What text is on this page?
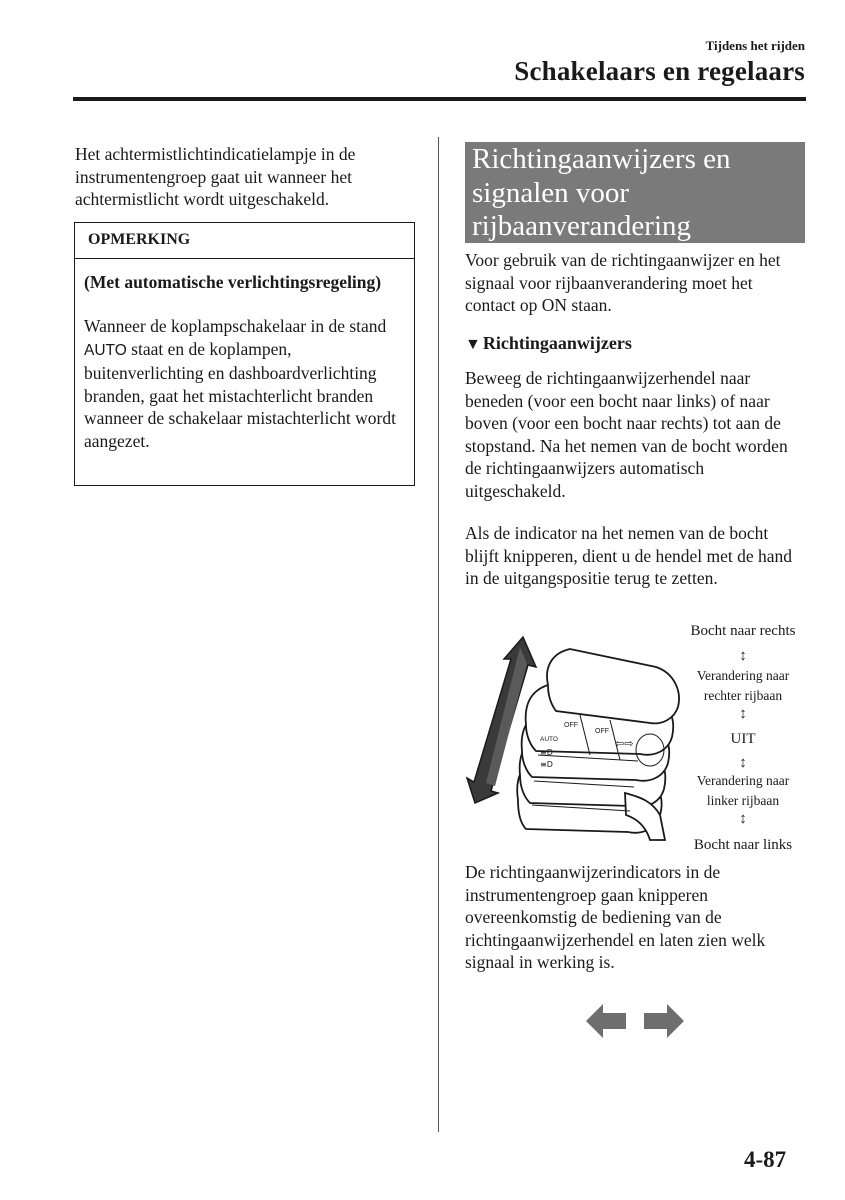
Tijdens het rijden
Schakelaars en regelaars
Het achtermistlichtindicatielampje in de instrumentengroep gaat uit wanneer het achtermistlicht wordt uitgeschakeld.
OPMERKING
(Met automatische verlichtingsregeling)
Wanneer de koplampschakelaar in de stand AUTO staat en de koplampen, buitenverlichting en dashboardverlichting branden, gaat het mistachterlicht branden wanneer de schakelaar mistachterlicht wordt aangezet.
Richtingaanwijzers en signalen voor rijbaanverandering
Voor gebruik van de richtingaanwijzer en het signaal voor rijbaanverandering moet het contact op ON staan.
▼ Richtingaanwijzers
Beweeg de richtingaanwijzerhendel naar beneden (voor een bocht naar links) of naar boven (voor een bocht naar rechts) tot aan de stopstand. Na het nemen van de bocht worden de richtingaanwijzers automatisch uitgeschakeld.
Als de indicator na het nemen van de bocht blijft knipperen, dient u de hendel met de hand in de uitgangspositie terug te zetten.
OFF
OFF
AUTO
≡D
≡D
⇦⇨
Bocht naar rechts
↕
Verandering naar
rechter rijbaan
↕
UIT
↕
Verandering naar
linker rijbaan
↕
Bocht naar links
De richtingaanwijzerindicators in de instrumentengroep gaan knipperen overeenkomstig de bediening van de richtingaanwijzerhendel en laten zien welk signaal in werking is.
4-87
